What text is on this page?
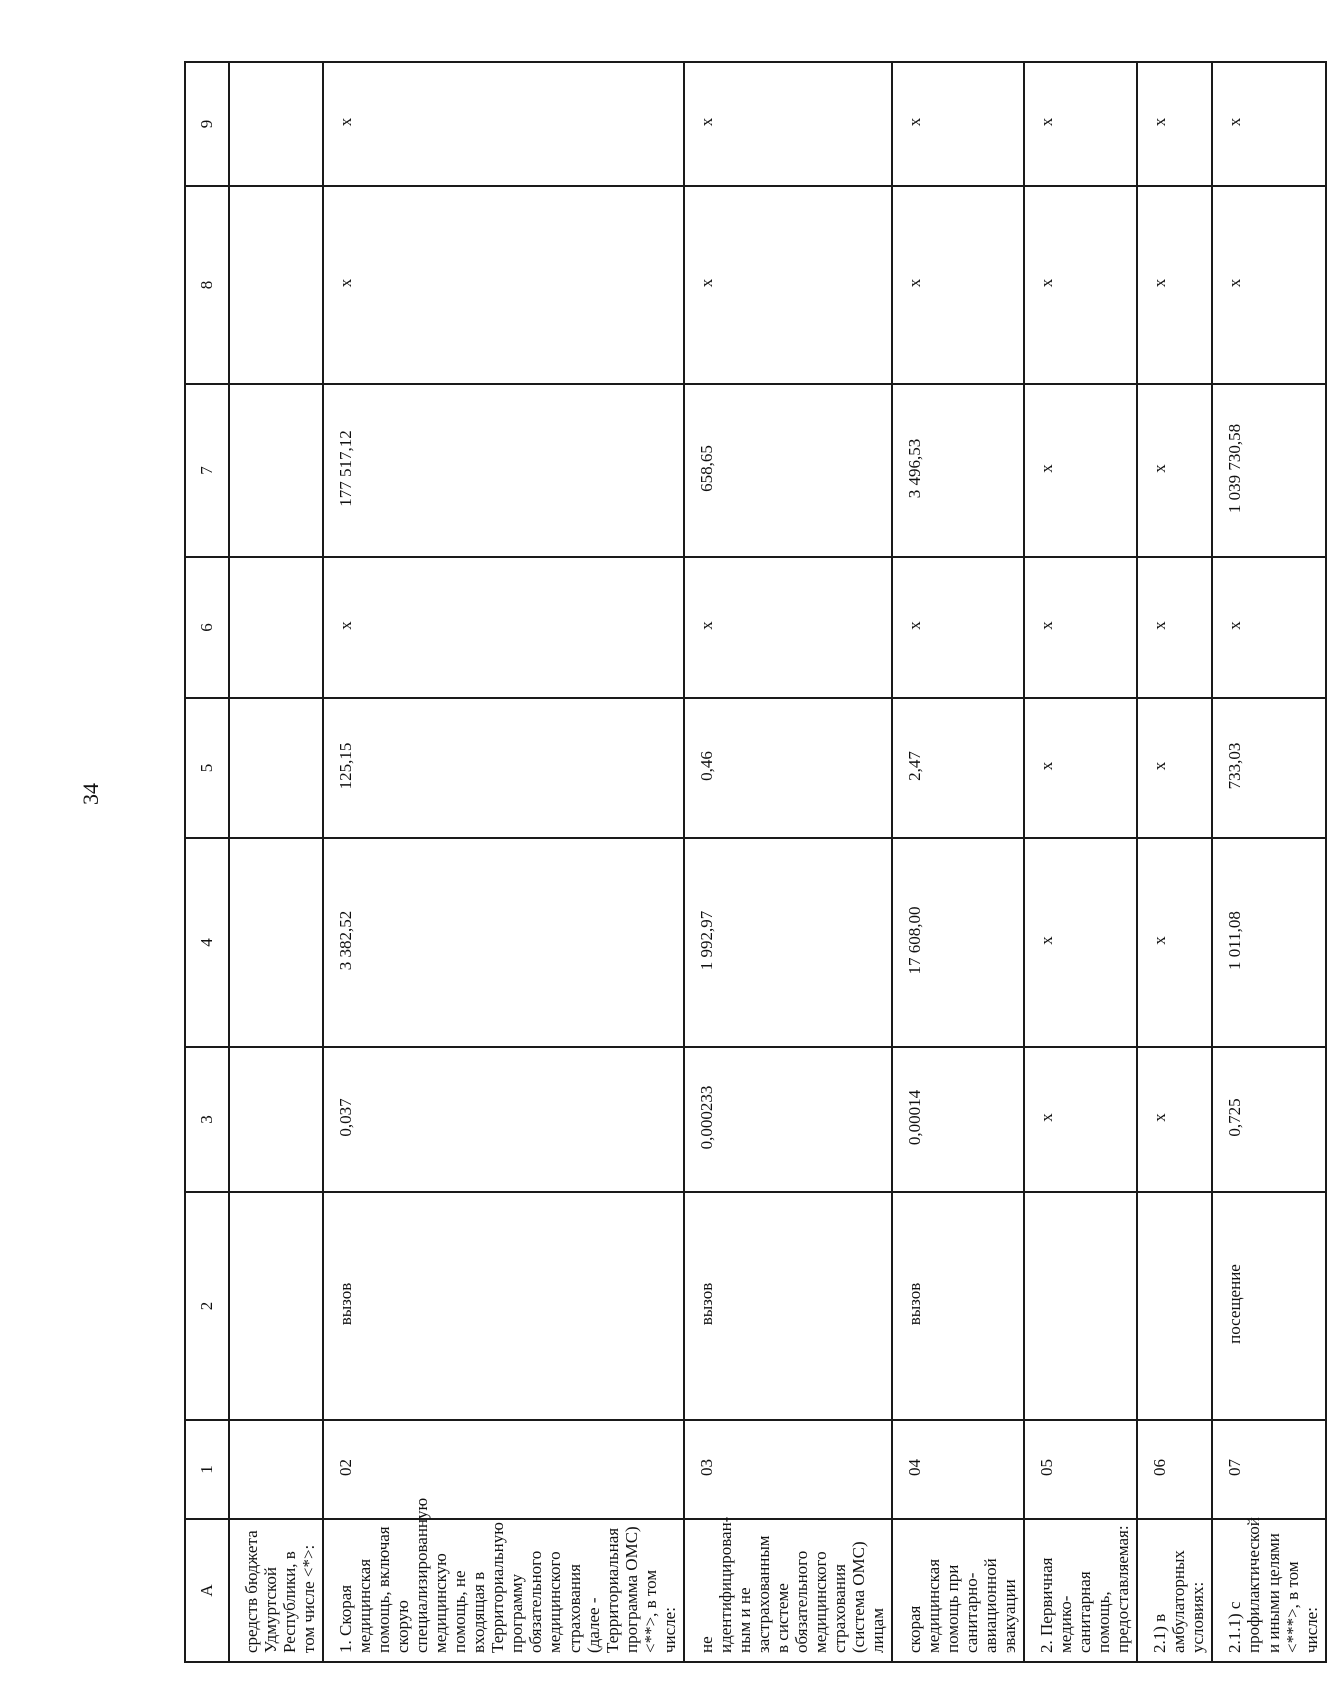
34
А	1	2	3	4	5	6	7	8	9
средств бюджета Удмуртской Республики, в том числе <*>:									
1. Скорая медицинская помощь, включая скорую специализированную медицинскую помощь, не входящая в Территориальную программу обязательного медицинского страхования (далее - Территориальная программа ОМС) <**>, в том числе:	02	вызов	0,037	3 382,52	125,15	х	177 517,12	х	х
не идентифицирован-ным и не застрахованным в системе обязательного медицинского страхования (система ОМС) лицам	03	вызов	0,000233	1 992,97	0,46	х	658,65	х	х
скорая медицинская помощь при санитарно-авиационной эвакуации	04	вызов	0,00014	17 608,00	2,47	х	3 496,53	х	х
2. Первичная медико-санитарная помощь, предоставляемая:	05		х	х	х	х	х	х	х
2.1) в амбулаторных условиях:	06		х	х	х	х	х	х	х
2.1.1) с профилактической и иными целями <***>, в том числе:	07	посещение	0,725	1 011,08	733,03	х	1 039 730,58	х	х
